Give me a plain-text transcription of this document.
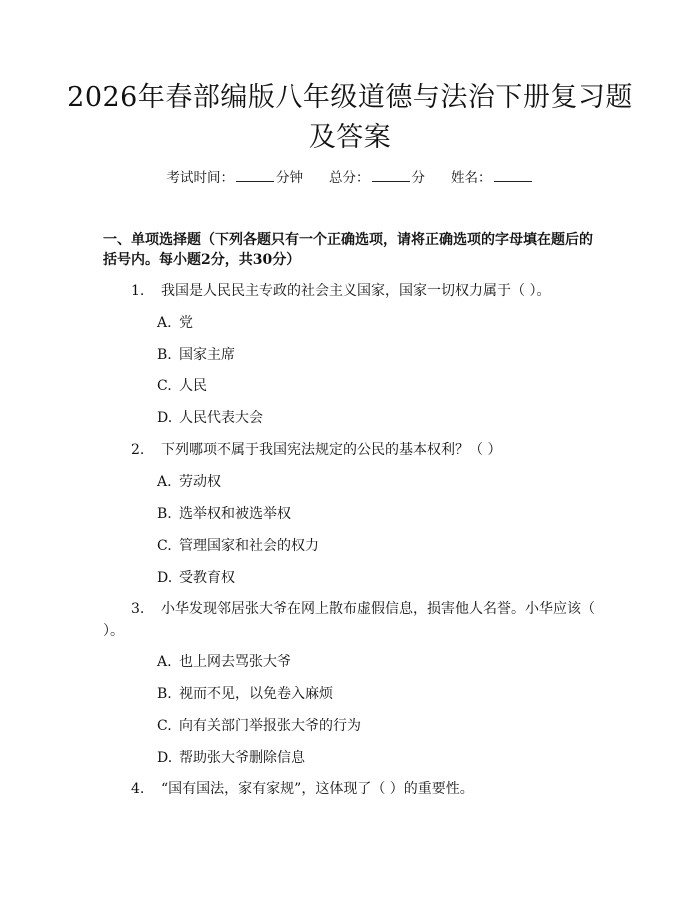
2026年春部编版八年级道德与法治下册复习题及答案
考试时间：	分钟 总分：	分 姓名：
一、单项选择题（下列各题只有一个正确选项，请将正确选项的字母填在题后的括号内。每小题2分，共30分）
1. 我国是人民民主专政的社会主义国家，国家一切权力属于（ ）。
A. 党
B. 国家主席
C. 人民
D. 人民代表大会
2. 下列哪项不属于我国宪法规定的公民的基本权利？（ ）
A. 劳动权
B. 选举权和被选举权
C. 管理国家和社会的权力
D. 受教育权
3. 小华发现邻居张大爷在网上散布虚假信息，损害他人名誉。小华应该（ ）。
A. 也上网去骂张大爷
B. 视而不见，以免卷入麻烦
C. 向有关部门举报张大爷的行为
D. 帮助张大爷删除信息
4. “国有国法，家有家规”，这体现了（ ）的重要性。
